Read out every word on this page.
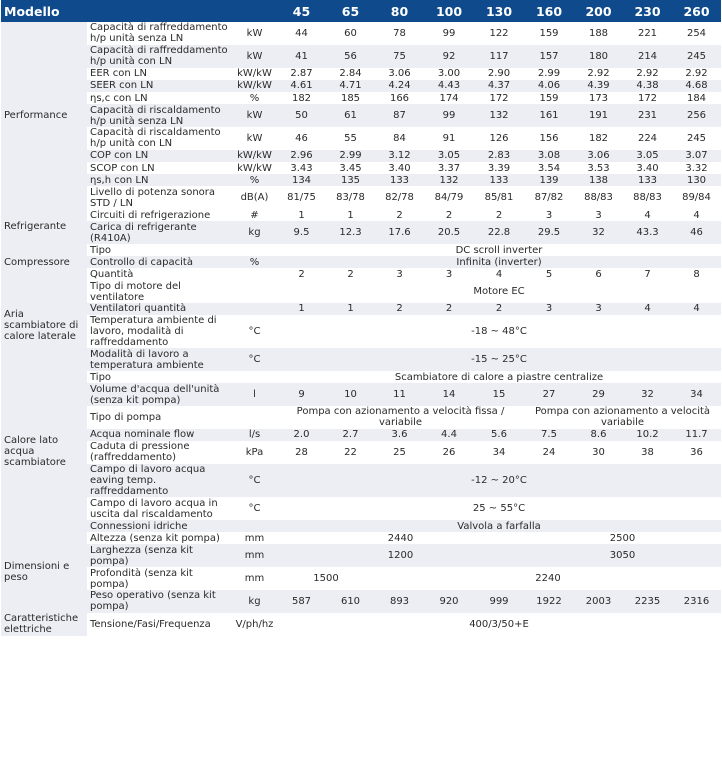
Modello			45	65	80	100	130	160	200	230	260
Performance	Capacità di raffreddamento h/p unità senza LN	kW	44	60	78	99	122	159	188	221	254
	Capacità di raffreddamento h/p unità con LN	kW	41	56	75	92	117	157	180	214	245
	EER con LN	kW/kW	2.87	2.84	3.06	3.00	2.90	2.99	2.92	2.92	2.92
	SEER con LN	kW/kW	4.61	4.71	4.24	4.43	4.37	4.06	4.39	4.38	4.68
	ηs,c con LN	%	182	185	166	174	172	159	173	172	184
	Capacità di riscaldamento h/p unità senza LN	kW	50	61	87	99	132	161	191	231	256
	Capacità di riscaldamento h/p unità con LN	kW	46	55	84	91	126	156	182	224	245
	COP con LN	kW/kW	2.96	2.99	3.12	3.05	2.83	3.08	3.06	3.05	3.07
	SCOP con LN	kW/kW	3.43	3.45	3.40	3.37	3.39	3.54	3.53	3.40	3.32
	ηs,h con LN	%	134	135	133	132	133	139	138	133	130
	Livello di potenza sonora STD / LN	dB(A)	81/75	83/78	82/78	84/79	85/81	87/82	88/83	88/83	89/84
Refrigerante	Circuiti di refrigerazione	#	1	1	2	2	2	3	3	4	4
	Carica di refrigerante (R410A)	kg	9.5	12.3	17.6	20.5	22.8	29.5	32	43.3	46
Compressore	Tipo		DC scroll inverter								
	Controllo di capacità	%	Infinita (inverter)								
	Quantità		2	2	3	3	4	5	6	7	8
Aria scambiatore di calore laterale	Tipo di motore del ventilatore		Motore EC								
	Ventilatori quantità		1	1	2	2	2	3	3	4	4
	Temperatura ambiente di lavoro, modalità di raffreddamento	°C	-18 ~ 48°C								
	Modalità di lavoro a temperatura ambiente	°C	-15 ~ 25°C								
Calore lato acqua scambiatore	Tipo		Scambiatore di calore a piastre centralize								
	Volume d'acqua dell'unità (senza kit pompa)	l	9	10	11	14	15	27	29	32	34
	Tipo di pompa		Pompa con azionamento a velocità fissa / variabile					Pompa con azionamento a velocità variabile			
	Acqua nominale flow	l/s	2.0	2.7	3.6	4.4	5.6	7.5	8.6	10.2	11.7
	Caduta di pressione (raffreddamento)	kPa	28	22	25	26	34	24	30	38	36
	Campo di lavoro acqua eaving temp. raffreddamento	°C	-12 ~ 20°C								
	Campo di lavoro acqua in uscita dal riscaldamento	°C	25 ~ 55°C								
	Connessioni idriche		Valvola a farfalla								
Dimensioni e peso	Altezza (senza kit pompa)	mm	2440					2500			
	Larghezza (senza kit pompa)	mm	1200					3050			
	Profondità (senza kit pompa)	mm	1500		2240						
	Peso operativo (senza kit pompa)	kg	587	610	893	920	999	1922	2003	2235	2316
Caratteristiche elettriche	Tensione/Fasi/Frequenza	V/ph/hz	400/3/50+E								
